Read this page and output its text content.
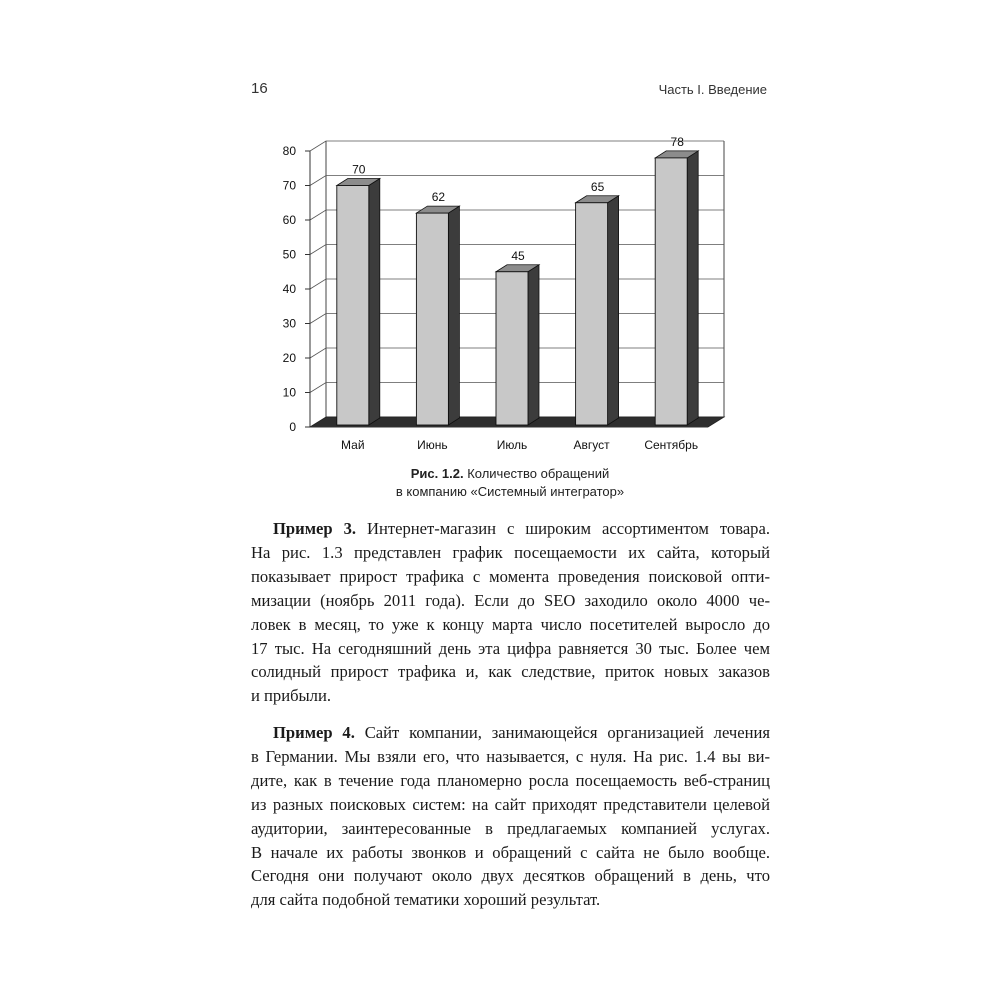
16	Часть I. Введение
0
10
20
30
40
50
60
70
80
70
Май
62
Июнь
45
Июль
65
Август
78
Сентябрь
Рис. 1.2. Количество обращений
в компанию «Системный интегратор»
Пример 3. Интернет-магазин с широким ассортиментом товара.
На рис. 1.3 представлен график посещаемости их сайта, который
показывает прирост трафика с момента проведения поисковой опти-
мизации (ноябрь 2011 года). Если до SEO заходило около 4000 че-
ловек в месяц, то уже к концу марта число посетителей выросло до
17 тыс. На сегодняшний день эта цифра равняется 30 тыс. Более чем
солидный прирост трафика и, как следствие, приток новых заказов
и прибыли.
Пример 4. Сайт компании, занимающейся организацией лечения
в Германии. Мы взяли его, что называется, с нуля. На рис. 1.4 вы ви-
дите, как в течение года планомерно росла посещаемость веб-страниц
из разных поисковых систем: на сайт приходят представители целевой
аудитории, заинтересованные в предлагаемых компанией услугах.
В начале их работы звонков и обращений с сайта не было вообще.
Сегодня они получают около двух десятков обращений в день, что
для сайта подобной тематики хороший результат.
